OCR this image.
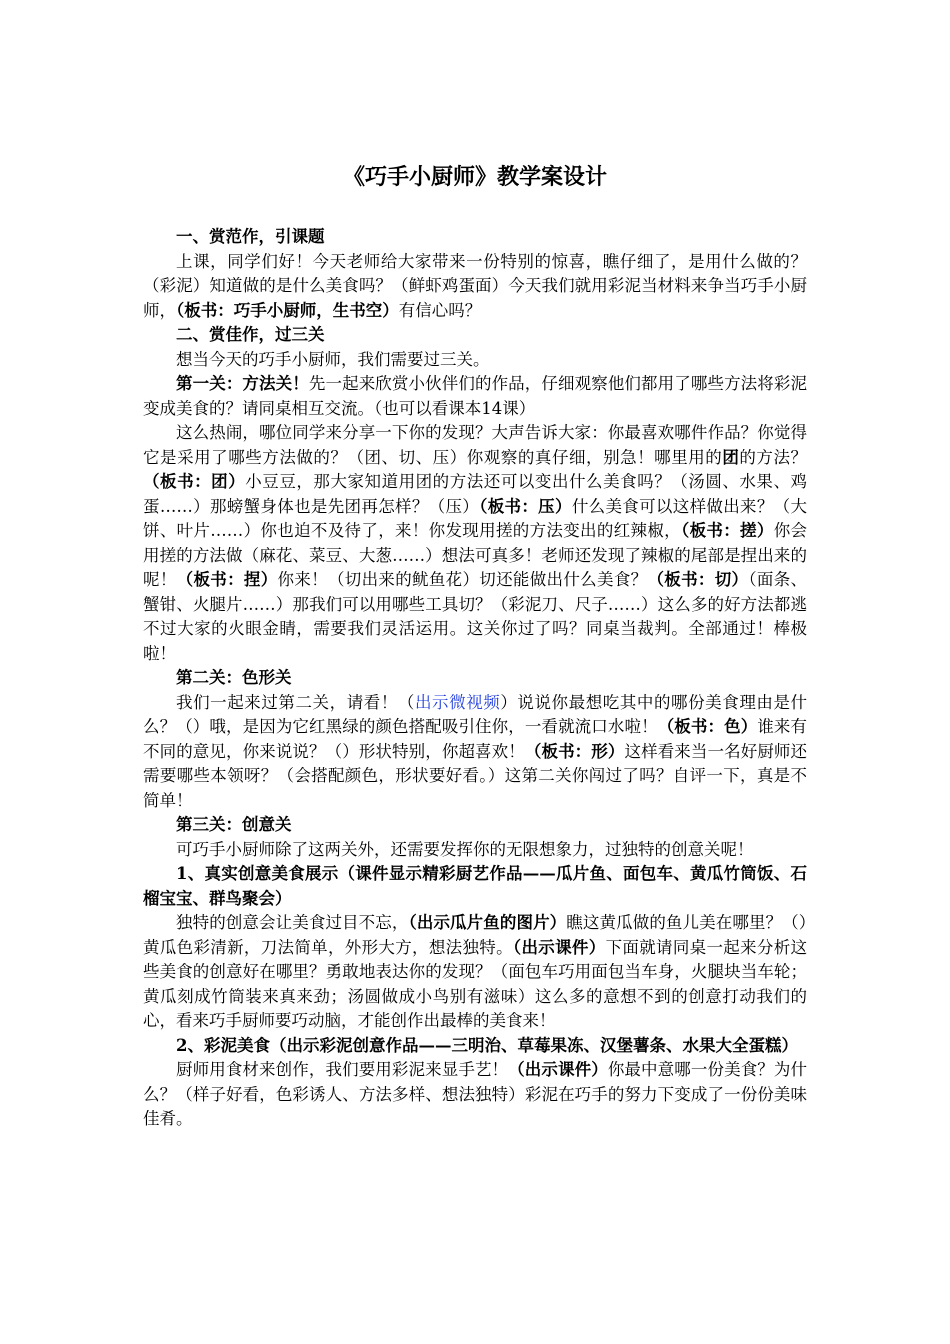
《巧手小厨师》教学案设计

一、赏范作，引课题

上课，同学们好！今天老师给大家带来一份特别的惊喜，瞧仔细了，是用什么做的？（彩泥）知道做的是什么美食吗？（鲜虾鸡蛋面）今天我们就用彩泥当材料来争当巧手小厨师，（板书：巧手小厨师，生书空）有信心吗？

二、赏佳作，过三关

想当今天的巧手小厨师，我们需要过三关。

第一关：方法关！先一起来欣赏小伙伴们的作品，仔细观察他们都用了哪些方法将彩泥变成美食的？请同桌相互交流。（也可以看课本14课）

这么热闹，哪位同学来分享一下你的发现？大声告诉大家：你最喜欢哪件作品？你觉得它是采用了哪些方法做的？（团、切、压）你观察的真仔细，别急！哪里用的团的方法？（板书：团）小豆豆，那大家知道用团的方法还可以变出什么美食吗？（汤圆、水果、鸡蛋……）那螃蟹身体也是先团再怎样？（压）（板书：压）什么美食可以这样做出来？（大饼、叶片……）你也迫不及待了，来！你发现用搓的方法变出的红辣椒，（板书：搓）你会用搓的方法做（麻花、菜豆、大葱……）想法可真多！老师还发现了辣椒的尾部是捏出来的呢！（板书：捏）你来！（切出来的鱿鱼花）切还能做出什么美食？（板书：切）（面条、蟹钳、火腿片……）那我们可以用哪些工具切？（彩泥刀、尺子……）这么多的好方法都逃不过大家的火眼金睛，需要我们灵活运用。这关你过了吗？同桌当裁判。全部通过！棒极啦！

第二关：色形关

我们一起来过第二关，请看！（出示微视频）说说你最想吃其中的哪份美食理由是什么？（）哦，是因为它红黑绿的颜色搭配吸引住你，一看就流口水啦！（板书：色）谁来有不同的意见，你来说说？（）形状特别，你超喜欢！（板书：形）这样看来当一名好厨师还需要哪些本领呀？（会搭配颜色，形状要好看。）这第二关你闯过了吗？自评一下，真是不简单！

第三关：创意关

可巧手小厨师除了这两关外，还需要发挥你的无限想象力，过独特的创意关呢！

1、真实创意美食展示（课件显示精彩厨艺作品——瓜片鱼、面包车、黄瓜竹筒饭、石榴宝宝、群鸟聚会）

独特的创意会让美食过目不忘，（出示瓜片鱼的图片）瞧这黄瓜做的鱼儿美在哪里？（）黄瓜色彩清新，刀法简单，外形大方，想法独特。（出示课件）下面就请同桌一起来分析这些美食的创意好在哪里？勇敢地表达你的发现？（面包车巧用面包当车身，火腿块当车轮；黄瓜刻成竹筒装来真来劲；汤圆做成小鸟别有滋味）这么多的意想不到的创意打动我们的心，看来巧手厨师要巧动脑，才能创作出最棒的美食来！

2、彩泥美食（出示彩泥创意作品——三明治、草莓果冻、汉堡薯条、水果大全蛋糕）

厨师用食材来创作，我们要用彩泥来显手艺！（出示课件）你最中意哪一份美食？为什么？（样子好看，色彩诱人、方法多样、想法独特）彩泥在巧手的努力下变成了一份份美味佳肴。
